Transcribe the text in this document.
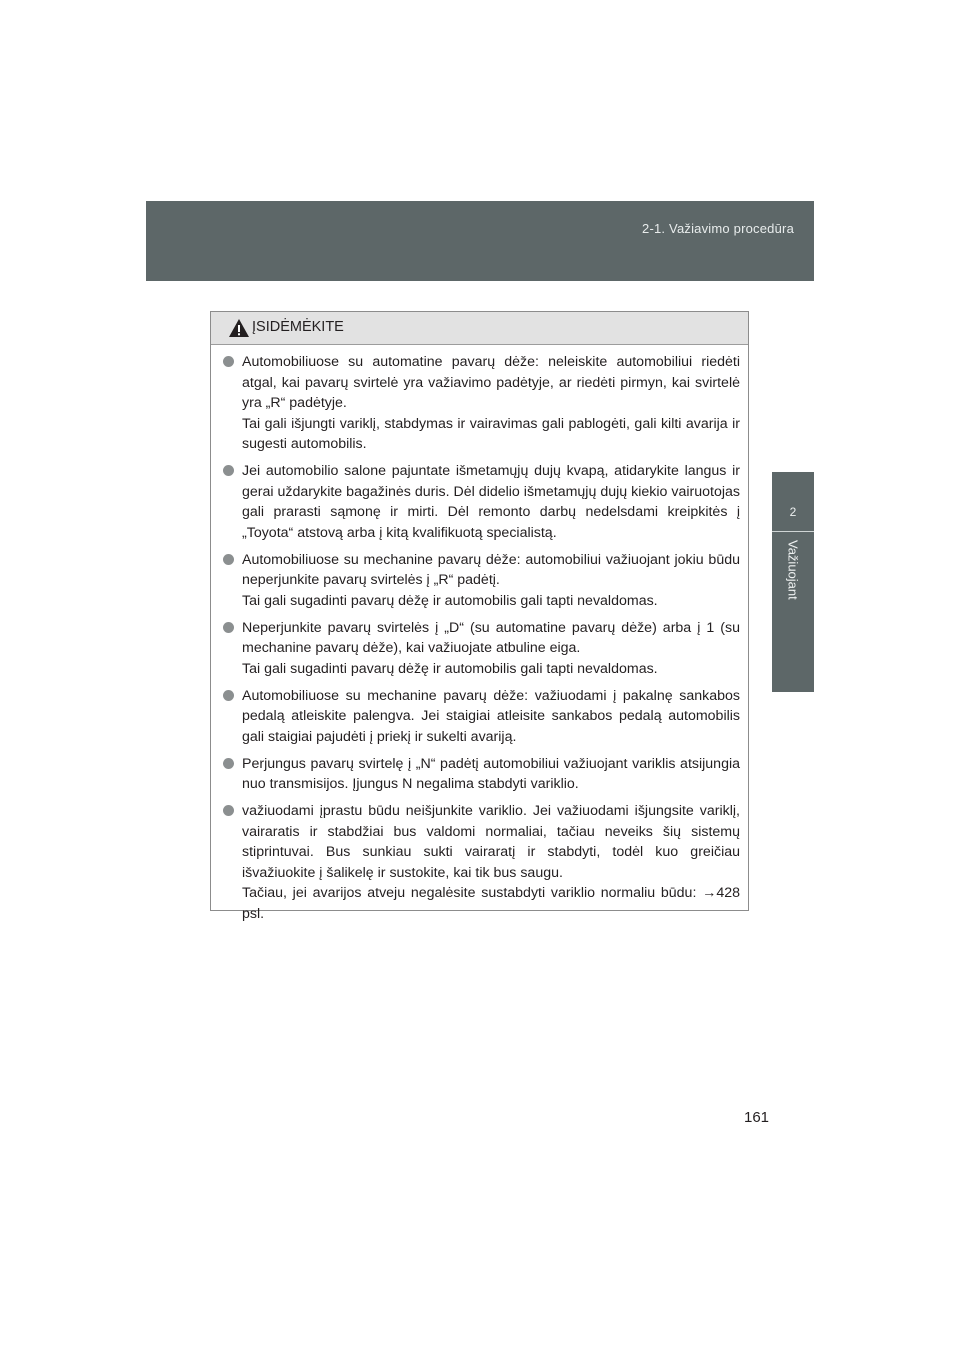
2-1. Važiavimo procedūra
2
Važiuojant
ĮSIDĖMĖKITE
Automobiliuose su automatine pavarų dėže: neleiskite automobiliui riedėti atgal, kai pavarų svirtelė yra važiavimo padėtyje, ar riedėti pirmyn, kai svirtelė yra „R“ padėtyje.
Tai gali išjungti variklį, stabdymas ir vairavimas gali pablogėti, gali kilti avarija ir sugesti automobilis.
Jei automobilio salone pajuntate išmetamųjų dujų kvapą, atidarykite langus ir gerai uždarykite bagažinės duris. Dėl didelio išmetamųjų dujų kiekio vairuotojas gali prarasti sąmonę ir mirti. Dėl remonto darbų nedelsdami kreipkitės į „Toyota“ atstovą arba į kitą kvalifikuotą specialistą.
Automobiliuose su mechanine pavarų dėže: automobiliui važiuojant jokiu būdu neperjunkite pavarų svirtelės į „R“ padėtį.
Tai gali sugadinti pavarų dėžę ir automobilis gali tapti nevaldomas.
Neperjunkite pavarų svirtelės į „D“ (su automatine pavarų dėže) arba į 1 (su mechanine pavarų dėže), kai važiuojate atbuline eiga.
Tai gali sugadinti pavarų dėžę ir automobilis gali tapti nevaldomas.
Automobiliuose su mechanine pavarų dėže: važiuodami į pakalnę sankabos pedalą atleiskite palengva. Jei staigiai atleisite sankabos pedalą automobilis gali staigiai pajudėti į priekį ir sukelti avariją.
Perjungus pavarų svirtelę į „N“ padėtį automobiliui važiuojant variklis atsijungia nuo transmisijos. Įjungus N negalima stabdyti variklio.
važiuodami įprastu būdu neišjunkite variklio. Jei važiuodami išjungsite variklį, vairaratis ir stabdžiai bus valdomi normaliai, tačiau neveiks šių sistemų stiprintuvai. Bus sunkiau sukti vairaratį ir stabdyti, todėl kuo greičiau išvažiuokite į šalikelę ir sustokite, kai tik bus saugu.
Tačiau, jei avarijos atveju negalėsite sustabdyti variklio normaliu būdu: →428 psl.
161
